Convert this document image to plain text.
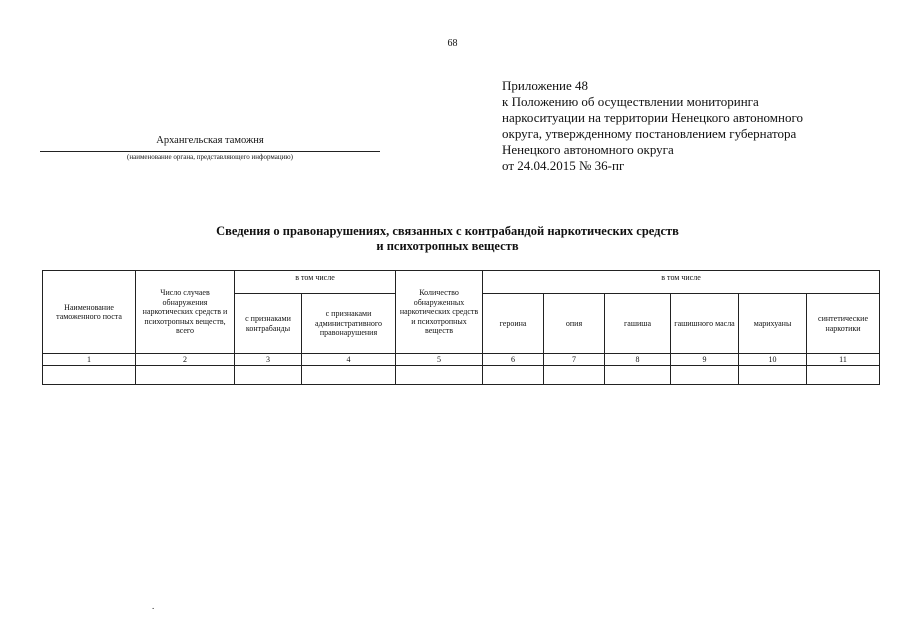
68
Приложение 48
к Положению об осуществлении мониторинга
наркоситуации на территории Ненецкого автономного
округа, утвержденному постановлением губернатора
Ненецкого автономного округа
от 24.04.2015 № 36-пг
Архангельская таможня
(наименование органа, представляющего информацию)
Сведения о правонарушениях, связанных с контрабандой наркотических средств
и психотропных веществ
Наименование таможенного поста	Число случаев обнаружения наркотических средств и психотропных веществ, всего	в том числе		Количество обнаруженных наркотических средств и психотропных веществ	в том числе					
		с признаками контрабанды	с признаками административного правонарушения		героина	опия	гашиша	гашишного масла	марихуаны	синтетические наркотики
1	2	3	4	5	6	7	8	9	10	11

.
